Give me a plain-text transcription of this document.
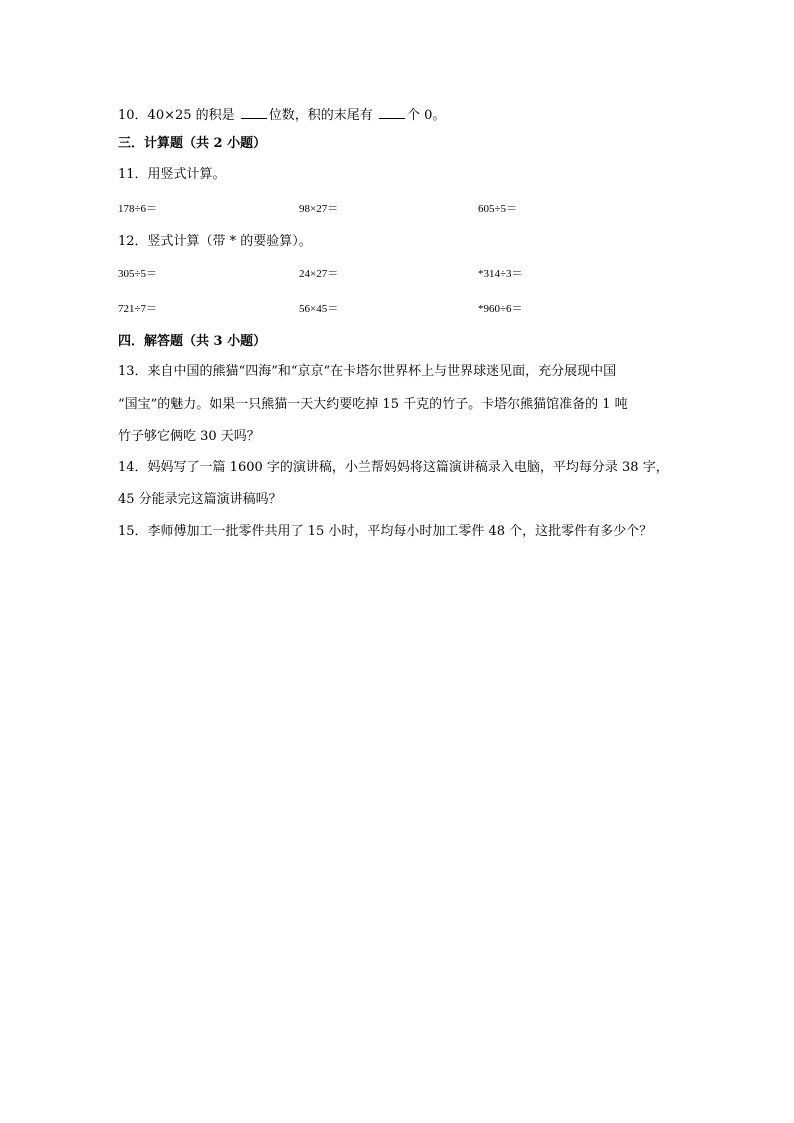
10．40×25 的积是 位数，积的末尾有 个 0。
三．计算题（共 2 小题）
11．用竖式计算。
178÷6＝	98×27＝	605÷5＝
12．竖式计算（带 * 的要验算）。
305÷5＝	24×27＝	*314÷3＝
721÷7＝	56×45＝	*960÷6＝
四．解答题（共 3 小题）
13．来自中国的熊猫“四海”和“京京“在卡塔尔世界杯上与世界球迷见面，充分展现中国
“国宝”的魅力。如果一只熊猫一天大约要吃掉 15 千克的竹子。卡塔尔熊猫馆准备的 1 吨
竹子够它俩吃 30 天吗？
14．妈妈写了一篇 1600 字的演讲稿，小兰帮妈妈将这篇演讲稿录入电脑，平均每分录 38 字，
45 分能录完这篇演讲稿吗？
15．李师傅加工一批零件共用了 15 小时，平均每小时加工零件 48 个，这批零件有多少个？
